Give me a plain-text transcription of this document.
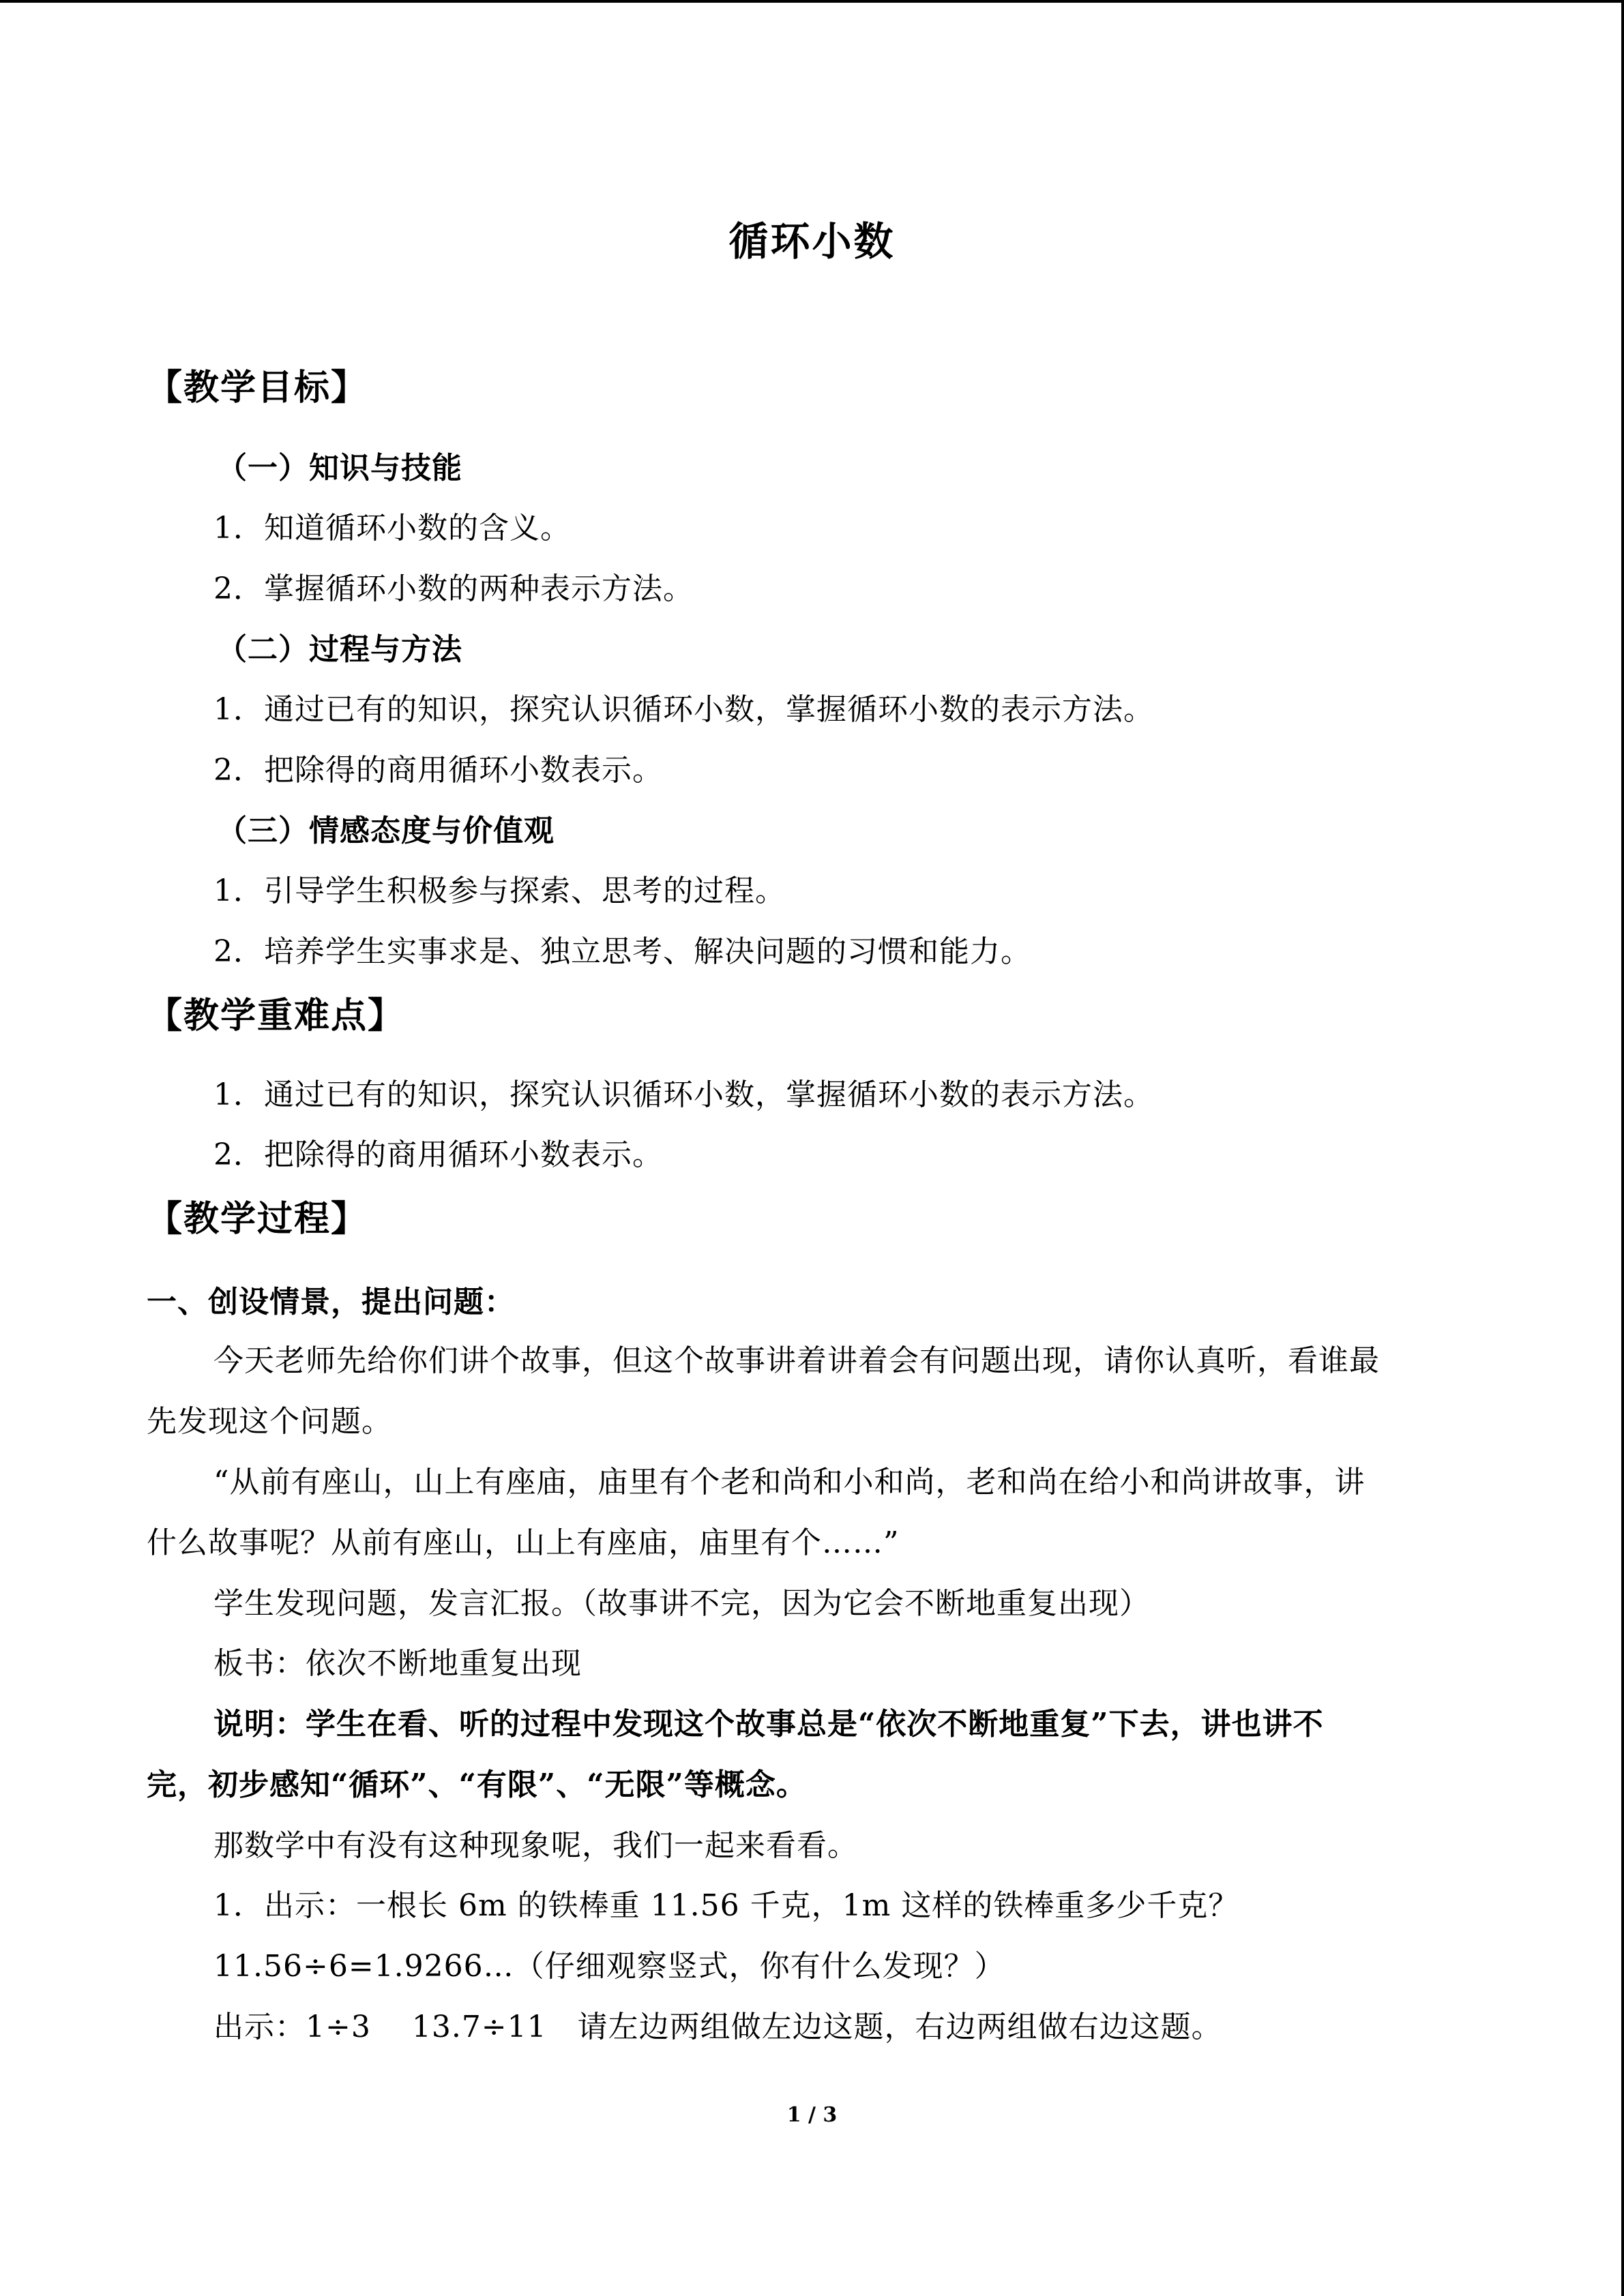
循环小数
【教学目标】
（一）知识与技能
1．知道循环小数的含义。
2．掌握循环小数的两种表示方法。
（二）过程与方法
1．通过已有的知识，探究认识循环小数，掌握循环小数的表示方法。
2．把除得的商用循环小数表示。
（三）情感态度与价值观
1．引导学生积极参与探索、思考的过程。
2．培养学生实事求是、独立思考、解决问题的习惯和能力。
【教学重难点】
1．通过已有的知识，探究认识循环小数，掌握循环小数的表示方法。
2．把除得的商用循环小数表示。
【教学过程】
一、创设情景，提出问题：
今天老师先给你们讲个故事，但这个故事讲着讲着会有问题出现，请你认真听，看谁最
先发现这个问题。
“从前有座山，山上有座庙，庙里有个老和尚和小和尚，老和尚在给小和尚讲故事，讲
什么故事呢？从前有座山，山上有座庙，庙里有个……”
学生发现问题，发言汇报。（故事讲不完，因为它会不断地重复出现）
板书：依次不断地重复出现
说明：学生在看、听的过程中发现这个故事总是“依次不断地重复”下去，讲也讲不
完，初步感知“循环”、“有限”、“无限”等概念。
那数学中有没有这种现象呢，我们一起来看看。
1．出示：一根长 6m 的铁棒重 11.56 千克，1m 这样的铁棒重多少千克？
11.56÷6=1.9266…（仔细观察竖式，你有什么发现？）
出示：1÷3　 13.7÷11　请左边两组做左边这题，右边两组做右边这题。
1 / 3
